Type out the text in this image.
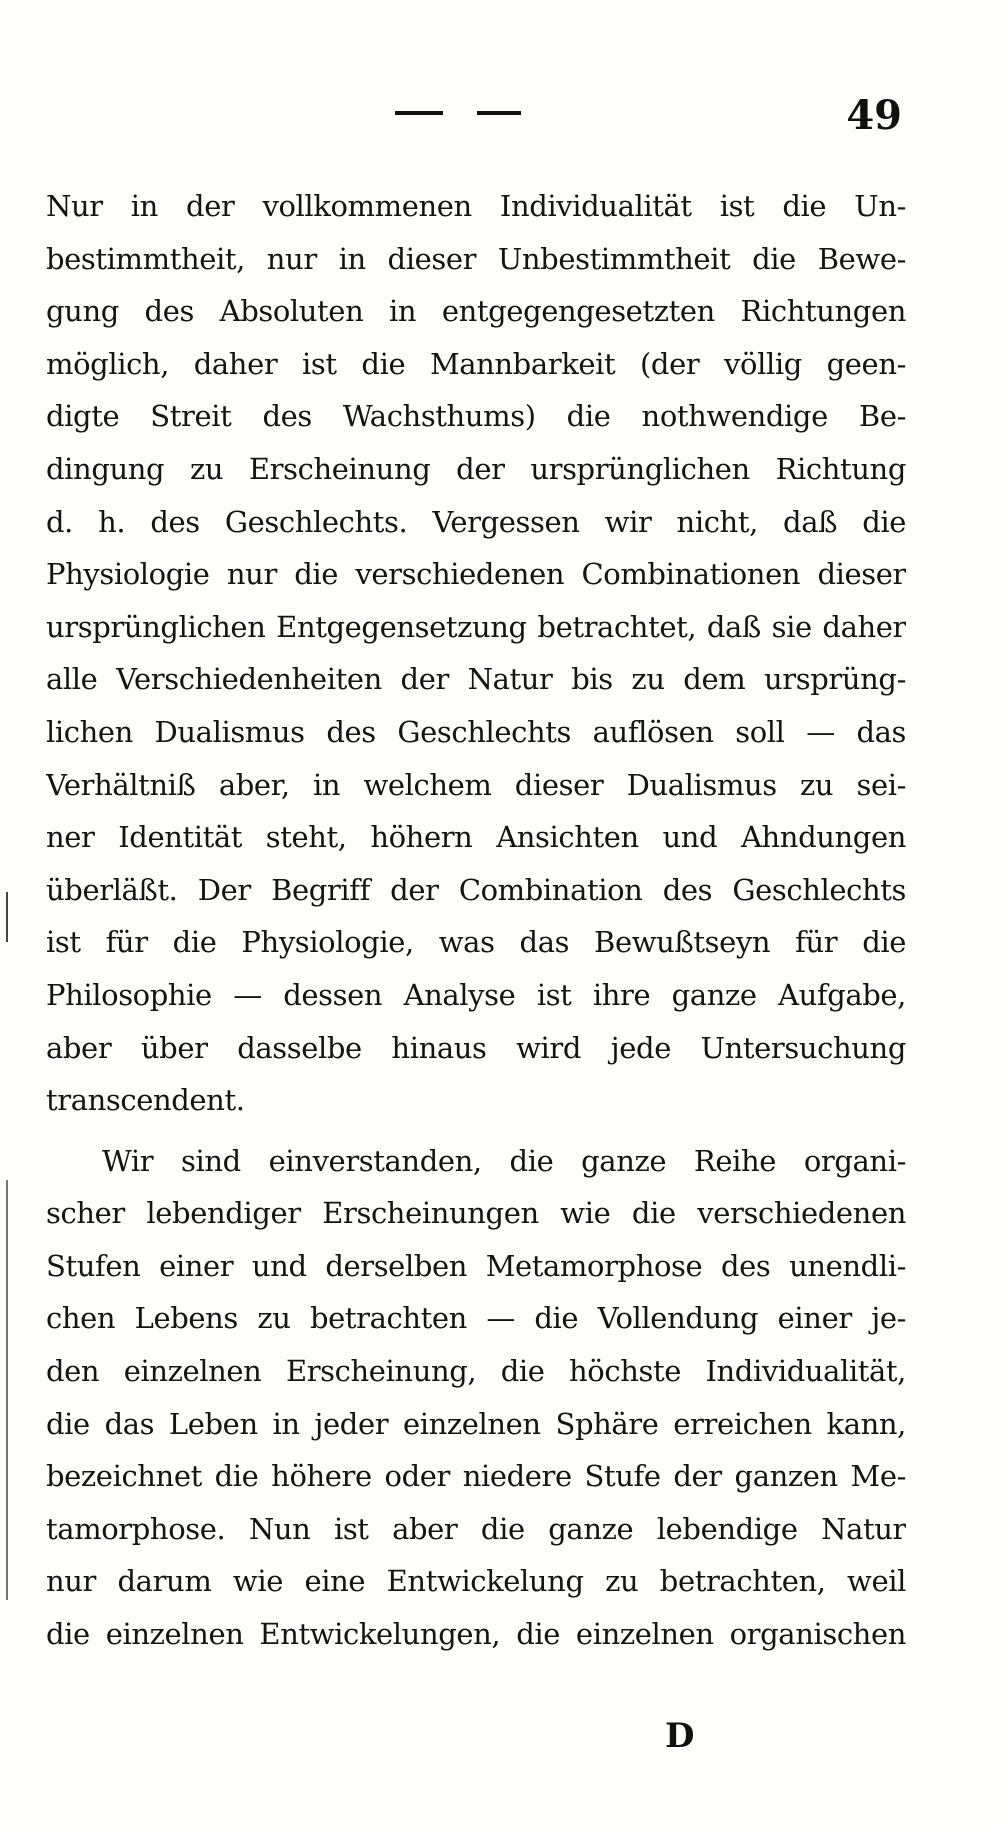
49
Nur in der vollkommenen Individualität ist die Un-
bestimmtheit, nur in dieser Unbestimmtheit die Bewe-
gung des Absoluten in entgegengesetzten Richtungen
möglich, daher ist die Mannbarkeit (der völlig geen-
digte Streit des Wachsthums) die nothwendige Be-
dingung zu Erscheinung der ursprünglichen Richtung
d. h. des Geschlechts. Vergessen wir nicht, daß die
Physiologie nur die verschiedenen Combinationen dieser
ursprünglichen Entgegensetzung betrachtet, daß sie daher
alle Verschiedenheiten der Natur bis zu dem ursprüng-
lichen Dualismus des Geschlechts auflösen soll — das
Verhältniß aber, in welchem dieser Dualismus zu sei-
ner Identität steht, höhern Ansichten und Ahndungen
überläßt. Der Begriff der Combination des Geschlechts
ist für die Physiologie, was das Bewußtseyn für die
Philosophie — dessen Analyse ist ihre ganze Aufgabe,
aber über dasselbe hinaus wird jede Untersuchung
transcendent.
Wir sind einverstanden, die ganze Reihe organi-
scher lebendiger Erscheinungen wie die verschiedenen
Stufen einer und derselben Metamorphose des unendli-
chen Lebens zu betrachten — die Vollendung einer je-
den einzelnen Erscheinung, die höchste Individualität,
die das Leben in jeder einzelnen Sphäre erreichen kann,
bezeichnet die höhere oder niedere Stufe der ganzen Me-
tamorphose. Nun ist aber die ganze lebendige Natur
nur darum wie eine Entwickelung zu betrachten, weil
die einzelnen Entwickelungen, die einzelnen organischen
D
